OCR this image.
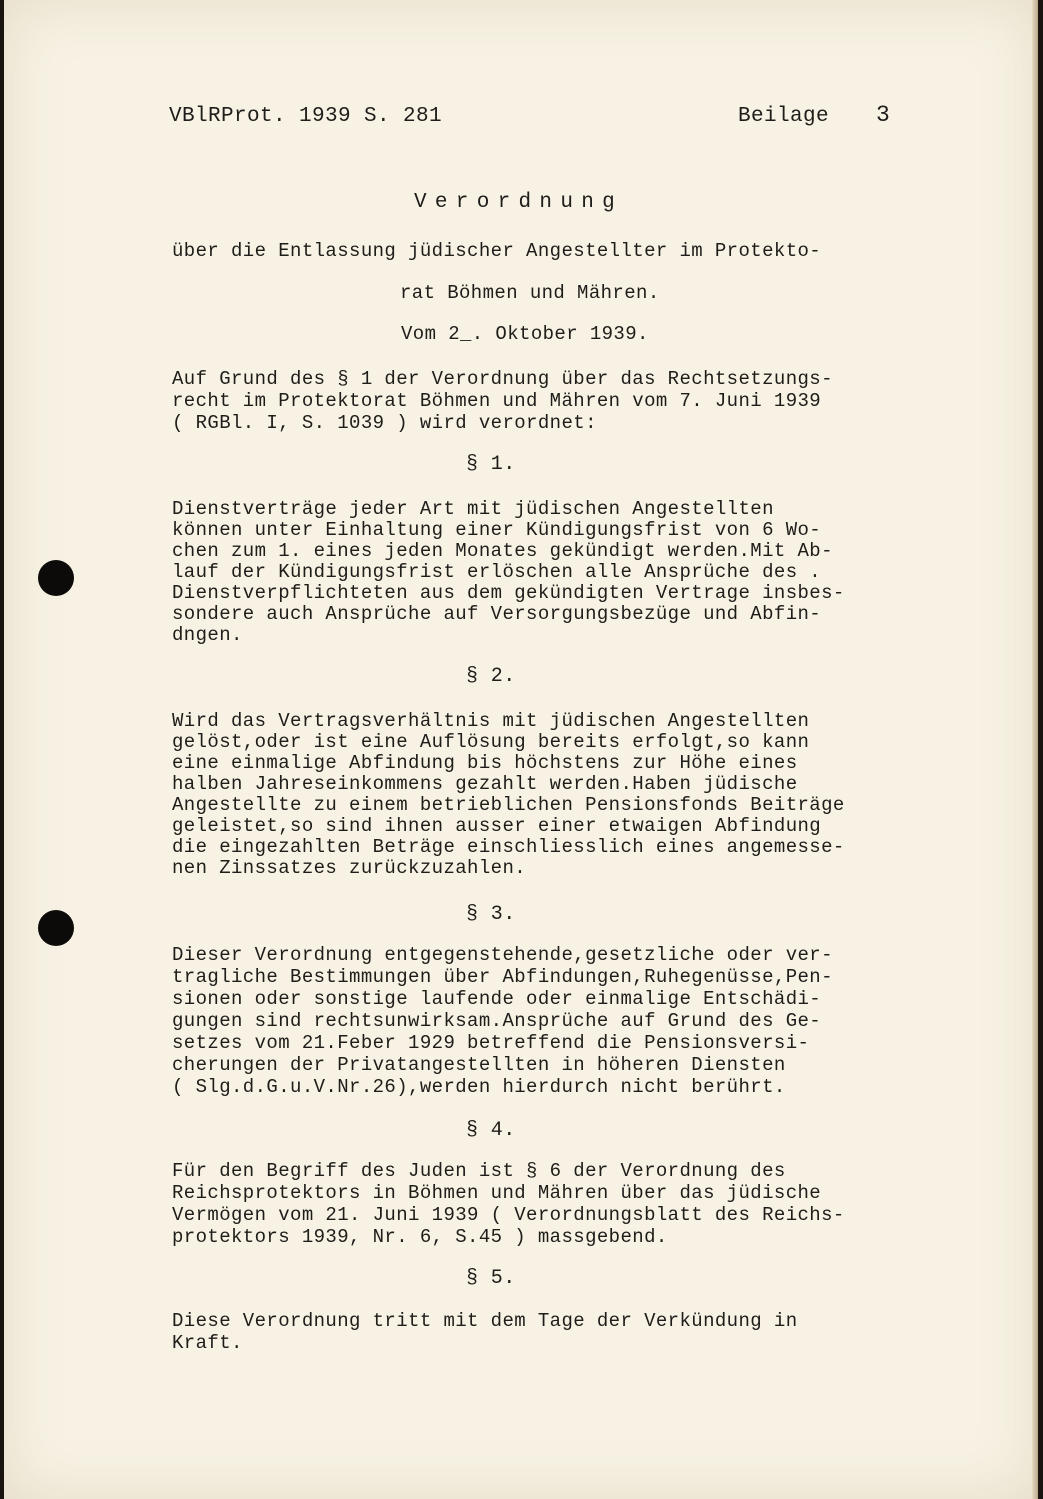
VBlRProt. 1939 S. 281	Beilage 3
Verordnung
über die Entlassung jüdischer Angestellter im Protekto-
rat Böhmen und Mähren.
Vom 2_. Oktober 1939.
Auf Grund des § 1 der Verordnung über das Rechtsetzungs-
recht im Protektorat Böhmen und Mähren vom 7. Juni 1939
( RGBl. I, S. 1039 ) wird verordnet:
§ 1.
Dienstverträge jeder Art mit jüdischen Angestellten
können unter Einhaltung einer Kündigungsfrist von 6 Wo-
chen zum 1. eines jeden Monates gekündigt werden.Mit Ab-
lauf der Kündigungsfrist erlöschen alle Ansprüche des .
Dienstverpflichteten aus dem gekündigten Vertrage insbes-
sondere auch Ansprüche auf Versorgungsbezüge und Abfin-
dngen.
§ 2.
Wird das Vertragsverhältnis mit jüdischen Angestellten
gelöst,oder ist eine Auflösung bereits erfolgt,so kann
eine einmalige Abfindung bis höchstens zur Höhe eines
halben Jahreseinkommens gezahlt werden.Haben jüdische
Angestellte zu einem betrieblichen Pensionsfonds Beiträge
geleistet,so sind ihnen ausser einer etwaigen Abfindung
die eingezahlten Beträge einschliesslich eines angemesse-
nen Zinssatzes zurückzuzahlen.
§ 3.
Dieser Verordnung entgegenstehende,gesetzliche oder ver-
tragliche Bestimmungen über Abfindungen,Ruhegenüsse,Pen-
sionen oder sonstige laufende oder einmalige Entschädi-
gungen sind rechtsunwirksam.Ansprüche auf Grund des Ge-
setzes vom 21.Feber 1929 betreffend die Pensionsversi-
cherungen der Privatangestellten in höheren Diensten
( Slg.d.G.u.V.Nr.26),werden hierdurch nicht berührt.
§ 4.
Für den Begriff des Juden ist § 6 der Verordnung des
Reichsprotektors in Böhmen und Mähren über das jüdische
Vermögen vom 21. Juni 1939 ( Verordnungsblatt des Reichs-
protektors 1939, Nr. 6, S.45 ) massgebend.
§ 5.
Diese Verordnung tritt mit dem Tage der Verkündung in
Kraft.
